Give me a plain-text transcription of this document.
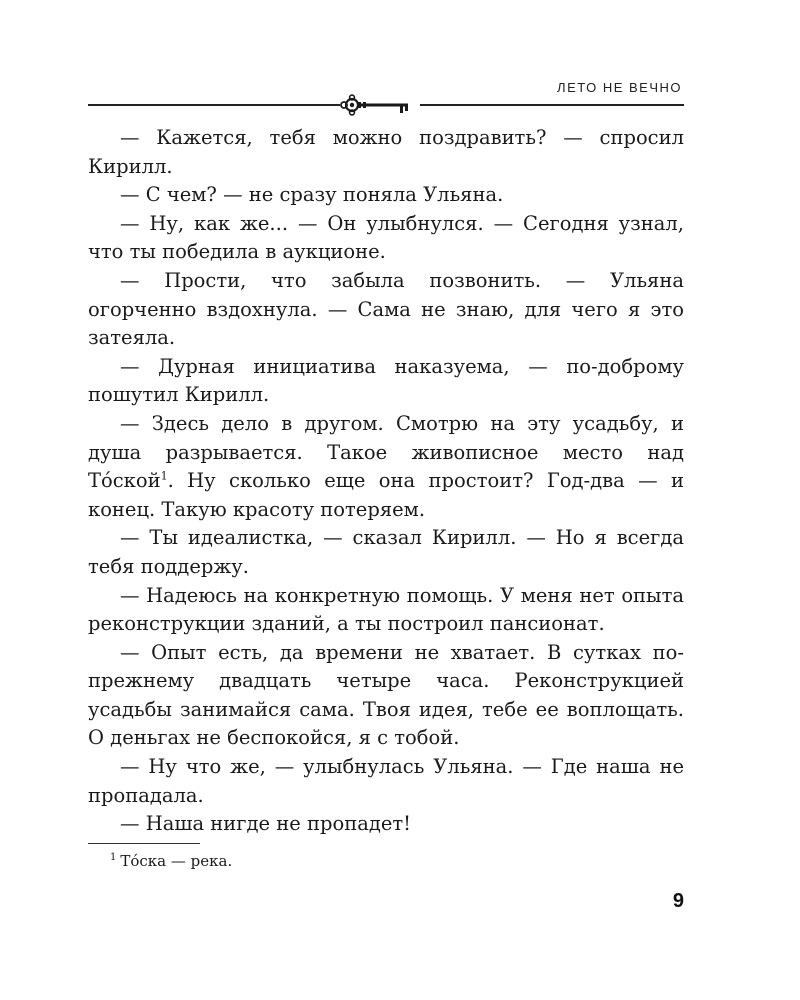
ЛЕТО НЕ ВЕЧНО

— Кажется, тебя можно поздравить? — спросил Кирилл.

— С чем? — не сразу поняла Ульяна.

— Ну, как же... — Он улыбнулся. — Сегодня узнал, что ты победила в аукционе.

— Прости, что забыла позвонить. — Ульяна огорченно вздохнула. — Сама не знаю, для чего я это затеяла.

— Дурная инициатива наказуема, — по-доброму пошутил Кирилл.

— Здесь дело в другом. Смотрю на эту усадьбу, и душа разрывается. Такое живописное место над Тóской$^1$. Ну сколько еще она простоит? Год-два — и конец. Такую красоту потеряем.

— Ты идеалистка, — сказал Кирилл. — Но я всегда тебя поддержу.

— Надеюсь на конкретную помощь. У меня нет опыта реконструкции зданий, а ты построил пансионат.

— Опыт есть, да времени не хватает. В сутках по-прежнему двадцать четыре часа. Реконструкцией усадьбы занимайся сама. Твоя идея, тебе ее воплощать. О деньгах не беспокойся, я с тобой.

— Ну что же, — улыбнулась Ульяна. — Где наша не пропадала.

— Наша нигде не пропадет!

$^1$ Тóска — река.
9
